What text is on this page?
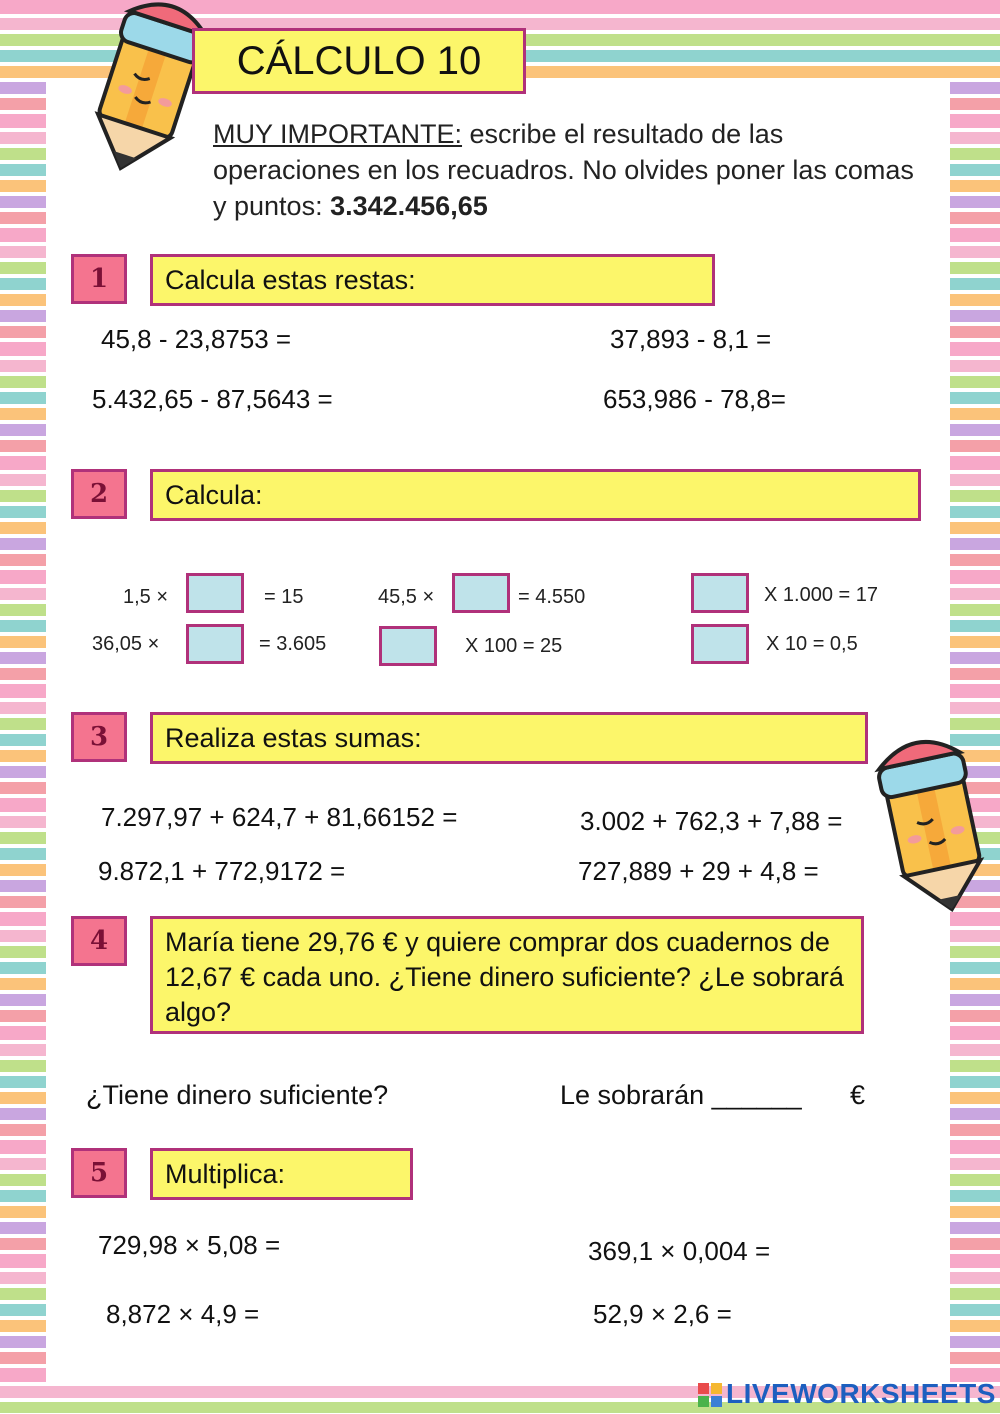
CÁLCULO 10
MUY IMPORTANTE: escribe el resultado de las operaciones en los recuadros. No olvides poner las comas y puntos: 3.342.456,65
1	Calcula estas restas:
45,8 - 23,8753 =	37,893 - 8,1 =
5.432,65 - 87,5643 =	653,986 - 78,8=
2	Calcula:
1,5 ×	= 15	45,5 ×	= 4.550	X 1.000 = 17
36,05 ×	= 3.605	X 100 = 25	X 10 = 0,5
3	Realiza estas sumas:
7.297,97 + 624,7 + 81,66152 =	3.002 + 762,3 + 7,88 =
9.872,1 + 772,9172 =	727,889 + 29 + 4,8 =
4	María tiene 29,76 € y quiere comprar dos cuadernos de 12,67 € cada uno. ¿Tiene dinero suficiente? ¿Le sobrará algo?
¿Tiene dinero suficiente?	Le sobrarán ______ €
5	Multiplica:
729,98 × 5,08 =	369,1 × 0,004 =
8,872 × 4,9 =	52,9 × 2,6 =
LIVEWORKSHEETS
